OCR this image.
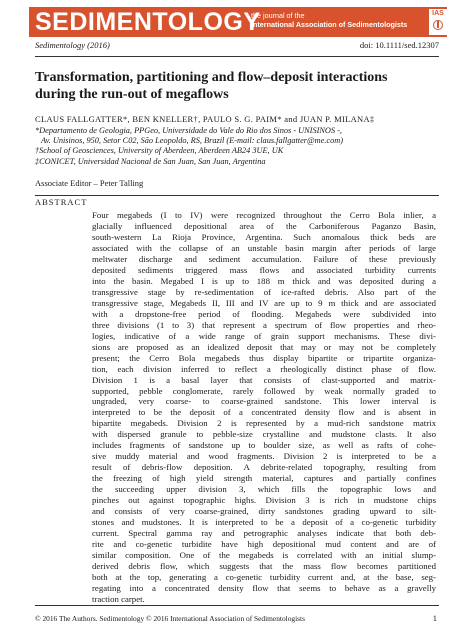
SEDIMENTOLOGY
the journal of the
International Association of Sedimentologists
IAS
Sedimentology (2016)	doi: 10.1111/sed.12307
Transformation, partitioning and flow–deposit interactions
during the run-out of megaflows
CLAUS FALLGATTER*, BEN KNELLER†, PAULO S. G. PAIM* and JUAN P. MILANA‡
*Departamento de Geologia, PPGeo, Universidade do Vale do Rio dos Sinos - UNISINOS -,
Av. Unisinos, 950, Setor C02, São Leopoldo, RS, Brazil (E-mail: claus.fallgatter@me.com)
†School of Geosciences, University of Aberdeen, Aberdeen AB24 3UE, UK
‡CONICET, Universidad Nacional de San Juan, San Juan, Argentina
Associate Editor – Peter Talling
ABSTRACT
Four megabeds (I to IV) were recognized throughout the Cerro Bola inlier, a
glacially influenced depositional area of the Carboniferous Paganzo Basin,
south-western La Rioja Province, Argentina. Such anomalous thick beds are
associated with the collapse of an unstable basin margin after periods of large
meltwater discharge and sediment accumulation. Failure of these previously
deposited sediments triggered mass flows and associated turbidity currents
into the basin. Megabed I is up to 188 m thick and was deposited during a
transgressive stage by re-sedimentation of ice-rafted debris. Also part of the
transgressive stage, Megabeds II, III and IV are up to 9 m thick and are associated
with a dropstone-free period of flooding. Megabeds were subdivided into
three divisions (1 to 3) that represent a spectrum of flow properties and rheo-
logies, indicative of a wide range of grain support mechanisms. These divi-
sions are proposed as an idealized deposit that may or may not be completely
present; the Cerro Bola megabeds thus display bipartite or tripartite organiza-
tion, each division inferred to reflect a rheologically distinct phase of flow.
Division 1 is a basal layer that consists of clast-supported and matrix-
supported, pebble conglomerate, rarely followed by weak normally graded to
ungraded, very coarse- to coarse-grained sandstone. This lower interval is
interpreted to be the deposit of a concentrated density flow and is absent in
bipartite megabeds. Division 2 is represented by a mud-rich sandstone matrix
with dispersed granule to pebble-size crystalline and mudstone clasts. It also
includes fragments of sandstone up to boulder size, as well as rafts of cohe-
sive muddy material and wood fragments. Division 2 is interpreted to be a
result of debris-flow deposition. A debrite-related topography, resulting from
the freezing of high yield strength material, captures and partially confines
the succeeding upper division 3, which fills the topographic lows and
pinches out against topographic highs. Division 3 is rich in mudstone chips
and consists of very coarse-grained, dirty sandstones grading upward to silt-
stones and mudstones. It is interpreted to be a deposit of a co-genetic turbidity
current. Spectral gamma ray and petrographic analyses indicate that both deb-
rite and co-genetic turbidite have high depositional mud content and are of
similar composition. One of the megabeds is correlated with an initial slump-
derived debris flow, which suggests that the mass flow becomes partitioned
both at the top, generating a co-genetic turbidity current and, at the base, seg-
regating into a concentrated density flow that seems to behave as a gravelly
traction carpet.
© 2016 The Authors. Sedimentology © 2016 International Association of Sedimentologists	1
